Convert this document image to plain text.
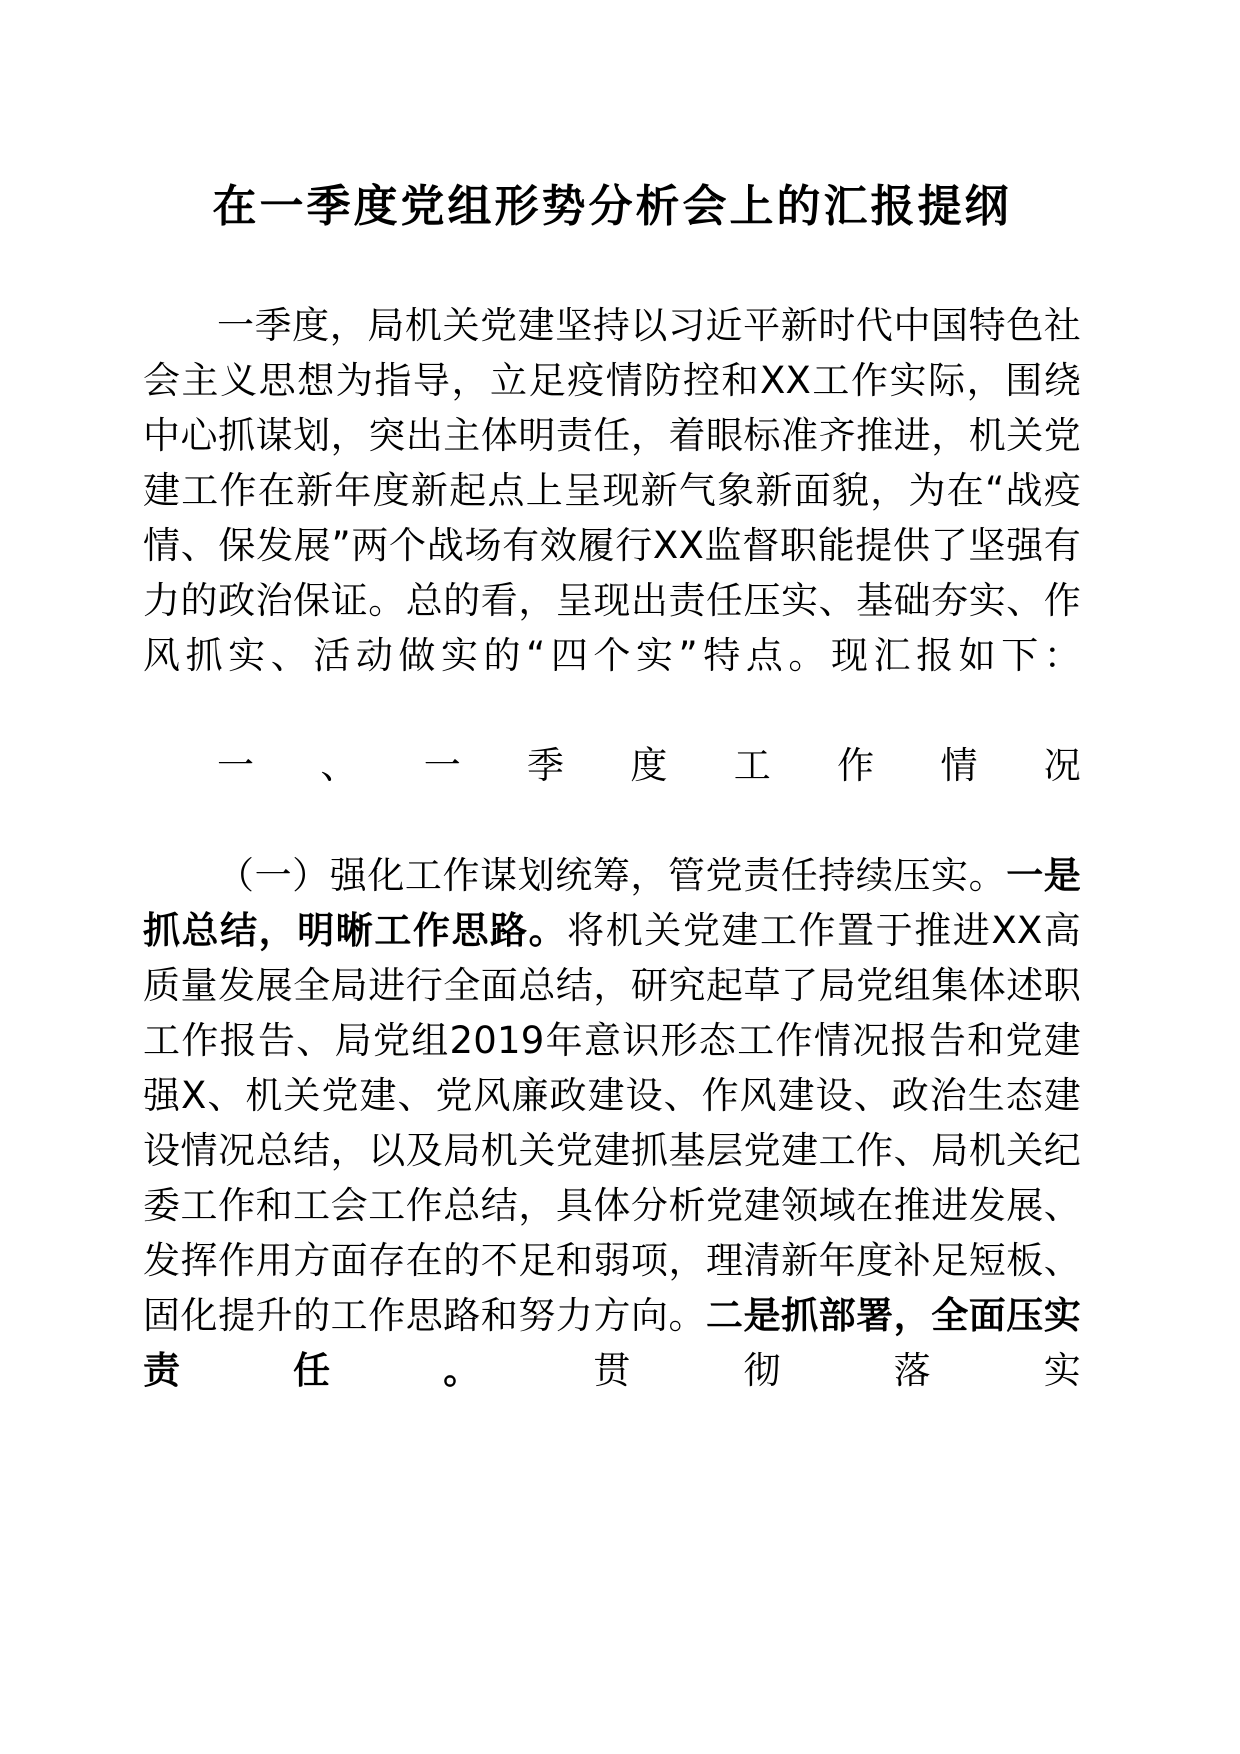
在一季度党组形势分析会上的汇报提纲

一季度，局机关党建坚持以习近平新时代中国特色社会主义思想为指导，立足疫情防控和XX工作实际，围绕中心抓谋划，突出主体明责任，着眼标准齐推进，机关党建工作在新年度新起点上呈现新气象新面貌，为在“战疫情、保发展”两个战场有效履行XX监督职能提供了坚强有力的政治保证。总的看，呈现出责任压实、基础夯实、作风抓实、活动做实的“四个实”特点。现汇报如下：

一、一季度工作情况

（一）强化工作谋划统筹，管党责任持续压实。一是抓总结，明晰工作思路。将机关党建工作置于推进XX高质量发展全局进行全面总结，研究起草了局党组集体述职工作报告、局党组2019年意识形态工作情况报告和党建强X、机关党建、党风廉政建设、作风建设、政治生态建设情况总结，以及局机关党建抓基层党建工作、局机关纪委工作和工会工作总结，具体分析党建领域在推进发展、发挥作用方面存在的不足和弱项，理清新年度补足短板、固化提升的工作思路和努力方向。二是抓部署，全面压实责任。贯彻落实
